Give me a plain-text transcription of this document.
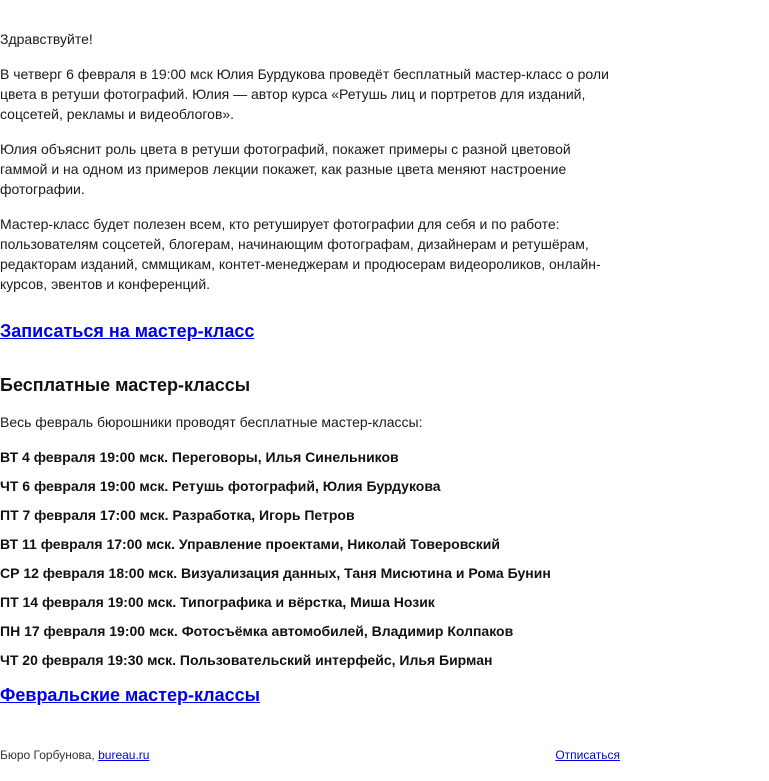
Здравствуйте!

В четверг 6 февраля в 19:00 мск Юлия Бурдукова проведёт бесплатный мастер-класс о роли цвета в ретуши фотографий. Юлия — автор курса «Ретушь лиц и портретов для изданий, соцсетей, рекламы и видеоблогов».

Юлия объяснит роль цвета в ретуши фотографий, покажет примеры с разной цветовой гаммой и на одном из примеров лекции покажет, как разные цвета меняют настроение фотографии.

Мастер-класс будет полезен всем, кто ретуширует фотографии для себя и по работе: пользователям соцсетей, блогерам, начинающим фотографам, дизайнерам и ретушёрам, редакторам изданий, сммщикам, контет-менеджерам и продюсерам видеороликов, онлайн-курсов, эвентов и конференций.

Записаться на мастер-класс
Бесплатные мастер-классы

Весь февраль бюрошники проводят бесплатные мастер-классы:

ВТ 4 февраля 19:00 мск. Переговоры, Илья Синельников
ЧТ 6 февраля 19:00 мск. Ретушь фотографий, Юлия Бурдукова
ПТ 7 февраля 17:00 мск. Разработка, Игорь Петров
ВТ 11 февраля 17:00 мск. Управление проектами, Николай Товеровский
СР 12 февраля 18:00 мск. Визуализация данных, Таня Мисютина и Рома Бунин
ПТ 14 февраля 19:00 мск. Типографика и вёрстка, Миша Нозик
ПН 17 февраля 19:00 мск. Фотосъёмка автомобилей, Владимир Колпаков
ЧТ 20 февраля 19:30 мск. Пользовательский интерфейс, Илья Бирман
Февральские мастер-классы
Бюро Горбунова, bureau.ru	Отписаться
